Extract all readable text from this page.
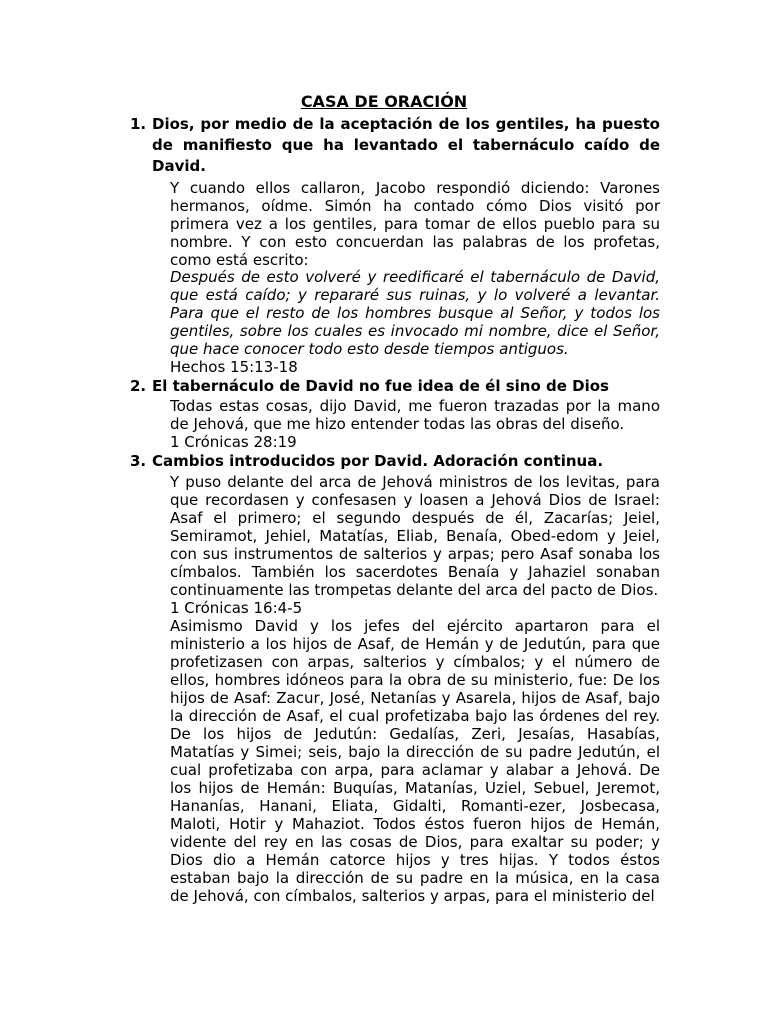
CASA DE ORACIÓN
1. Dios, por medio de la aceptación de los gentiles, ha puesto de manifiesto que ha levantado el tabernáculo caído de David.
Y cuando ellos callaron, Jacobo respondió diciendo: Varones hermanos, oídme. Simón ha contado cómo Dios visitó por primera vez a los gentiles, para tomar de ellos pueblo para su nombre. Y con esto concuerdan las palabras de los profetas, como está escrito:
Después de esto volveré y reedificaré el tabernáculo de David, que está caído; y repararé sus ruinas, y lo volveré a levantar. Para que el resto de los hombres busque al Señor, y todos los gentiles, sobre los cuales es invocado mi nombre, dice el Señor, que hace conocer todo esto desde tiempos antiguos.
Hechos 15:13-18
2. El tabernáculo de David no fue idea de él sino de Dios
Todas estas cosas, dijo David, me fueron trazadas por la mano de Jehová, que me hizo entender todas las obras del diseño.
1 Crónicas 28:19
3. Cambios introducidos por David. Adoración continua.
Y puso delante del arca de Jehová ministros de los levitas, para que recordasen y confesasen y loasen a Jehová Dios de Israel: Asaf el primero; el segundo después de él, Zacarías; Jeiel, Semiramot, Jehiel, Matatías, Eliab, Benaía, Obed-edom y Jeiel, con sus instrumentos de salterios y arpas; pero Asaf sonaba los címbalos. También los sacerdotes Benaía y Jahaziel sonaban continuamente las trompetas delante del arca del pacto de Dios.
1 Crónicas 16:4-5
Asimismo David y los jefes del ejército apartaron para el ministerio a los hijos de Asaf, de Hemán y de Jedutún, para que profetizasen con arpas, salterios y címbalos; y el número de ellos, hombres idóneos para la obra de su ministerio, fue: De los hijos de Asaf: Zacur, José, Netanías y Asarela, hijos de Asaf, bajo la dirección de Asaf, el cual profetizaba bajo las órdenes del rey. De los hijos de Jedutún: Gedalías, Zeri, Jesaías, Hasabías, Matatías y Simei; seis, bajo la dirección de su padre Jedutún, el cual profetizaba con arpa, para aclamar y alabar a Jehová. De los hijos de Hemán: Buquías, Matanías, Uziel, Sebuel, Jeremot, Hananías, Hanani, Eliata, Gidalti, Romanti-ezer, Josbecasa, Maloti, Hotir y Mahaziot. Todos éstos fueron hijos de Hemán, vidente del rey en las cosas de Dios, para exaltar su poder; y Dios dio a Hemán catorce hijos y tres hijas. Y todos éstos estaban bajo la dirección de su padre en la música, en la casa de Jehová, con címbalos, salterios y arpas, para el ministerio del
